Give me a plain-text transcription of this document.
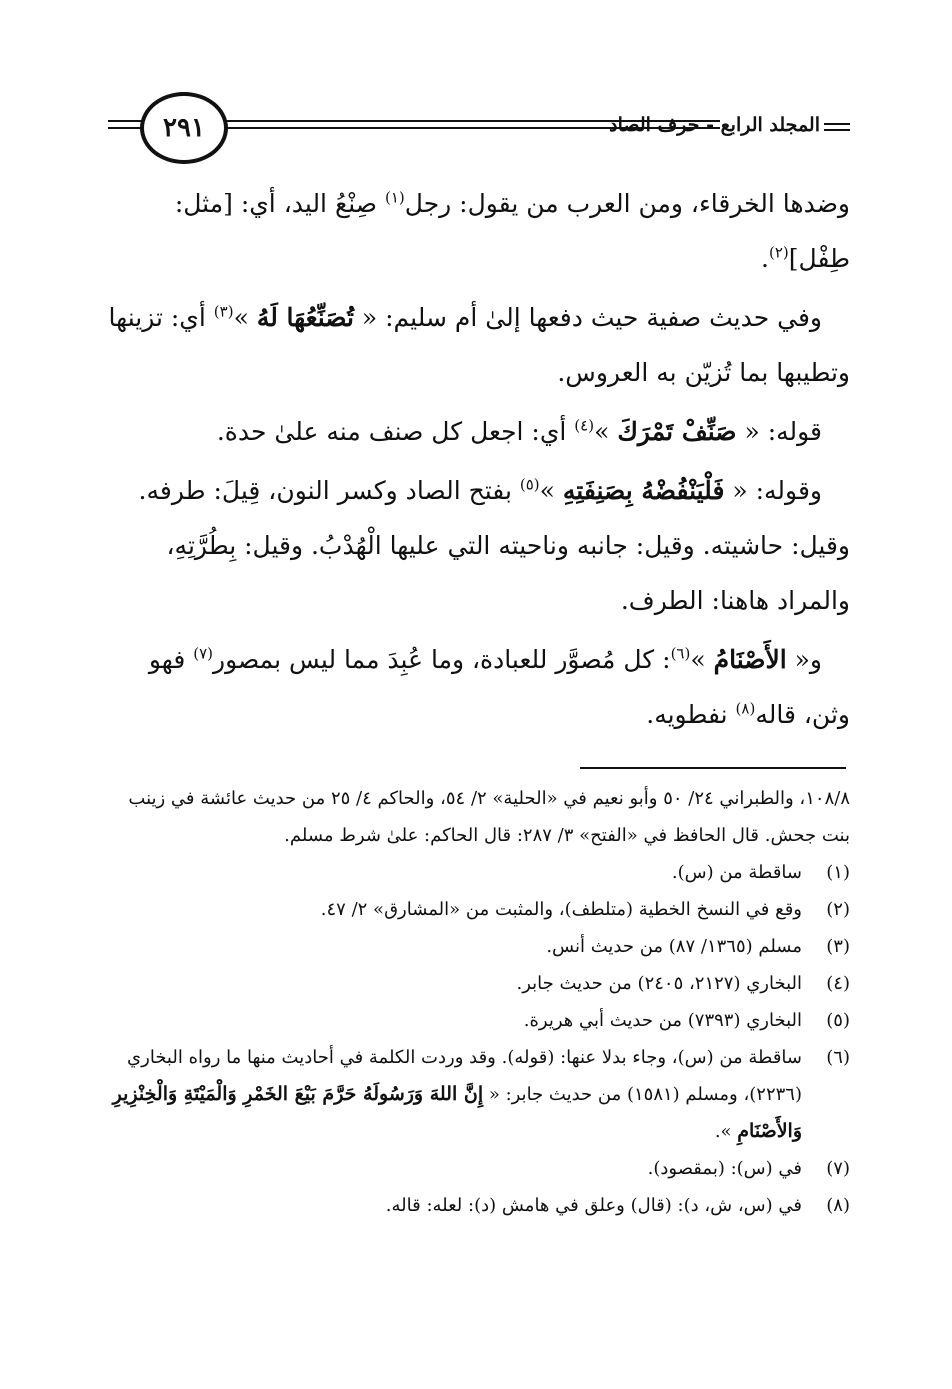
٢٩١	المجلد الرابع - حرف الصاد

وضدها الخرقاء، ومن العرب من يقول: رجل$^{(١)}$ صِنْعُ اليد، أي: [مثل: طِفْل]$^{(٢)}$.

وفي حديث صفية حيث دفعها إلىٰ أم سليم: « تُصَنِّعُهَا لَهُ »$^{(٣)}$ أي: تزينها وتطيبها بما تُزيّن به العروس.

قوله: « صَنِّفْ تَمْرَكَ »$^{(٤)}$ أي: اجعل كل صنف منه علىٰ حدة.

وقوله: « فَلْيَنْفُضْهُ بِصَنِفَتِهِ »$^{(٥)}$ بفتح الصاد وكسر النون، قِيلَ: طرفه. وقيل: حاشيته. وقيل: جانبه وناحيته التي عليها الْهُدْبُ. وقيل: بِطُرَّتِهِ، والمراد هاهنا: الطرف.

و« الأَصْنَامُ »$^{(٦)}$: كل مُصوَّر للعبادة، وما عُبِدَ مما ليس بمصور$^{(٧)}$ فهو وثن، قاله$^{(٨)}$ نفطويه.

١٠٨/٨، والطبراني ٢٤/ ٥٠ وأبو نعيم في «الحلية» ٢/ ٥٤، والحاكم ٤/ ٢٥ من حديث عائشة في زينب بنت جحش. قال الحافظ في «الفتح» ٣/ ٢٨٧: قال الحاكم: علىٰ شرط مسلم.

(١)
ساقطة من (س).
(٢)
وقع في النسخ الخطية (متلطف)، والمثبت من «المشارق» ٢/ ٤٧.
(٣)
مسلم (١٣٦٥/ ٨٧) من حديث أنس.
(٤)
البخاري (٢١٢٧، ٢٤٠٥) من حديث جابر.
(٥)
البخاري (٧٣٩٣) من حديث أبي هريرة.
(٦)
ساقطة من (س)، وجاء بدلا عنها: (قوله). وقد وردت الكلمة في أحاديث منها ما رواه البخاري (٢٢٣٦)، ومسلم (١٥٨١) من حديث جابر: « إِنَّ اللهَ وَرَسُولَهُ حَرَّمَ بَيْعَ الخَمْرِ وَالْمَيْتَةِ وَالْخِنْزِيرِ وَالأَصْنَامِ ».
(٧)
في (س): (بمقصود).
(٨)
في (س، ش، د): (قال) وعلق في هامش (د): لعله: قاله.
